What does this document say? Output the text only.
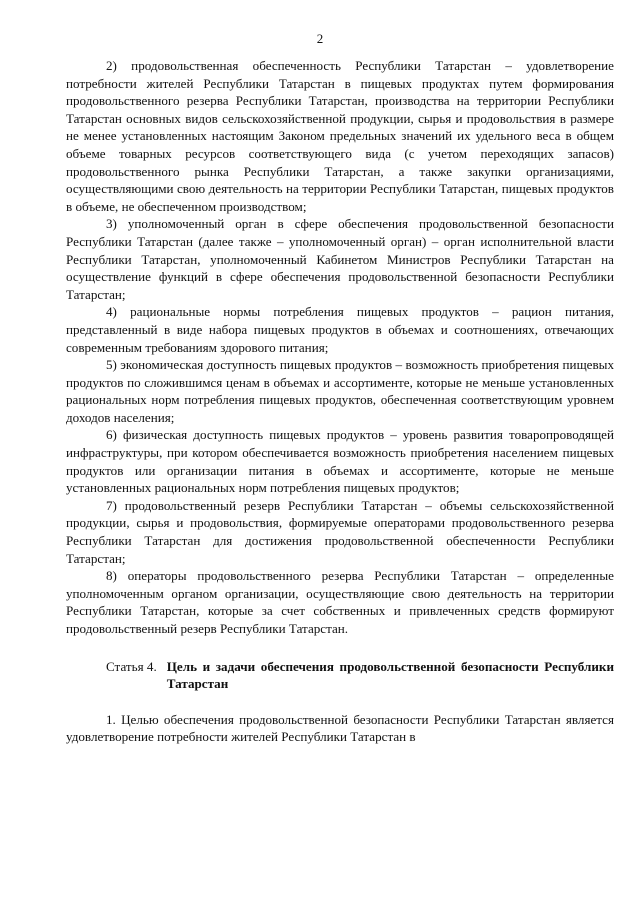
2

2) продовольственная обеспеченность Республики Татарстан – удовлетворение потребности жителей Республики Татарстан в пищевых продуктах путем формирования продовольственного резерва Республики Татарстан, производства на территории Республики Татарстан основных видов сельскохозяйственной продукции, сырья и продовольствия в размере не менее установленных настоящим Законом предельных значений их удельного веса в общем объеме товарных ресурсов соответствующего вида (с учетом переходящих запасов) продовольственного рынка Республики Татарстан, а также закупки организациями, осуществляющими свою деятельность на территории Республики Татарстан, пищевых продуктов в объеме, не обеспеченном производством;

3) уполномоченный орган в сфере обеспечения продовольственной безопасности Республики Татарстан (далее также – уполномоченный орган) – орган исполнительной власти Республики Татарстан, уполномоченный Кабинетом Министров Республики Татарстан на осуществление функций в сфере обеспечения продовольственной безопасности Республики Татарстан;

4) рациональные нормы потребления пищевых продуктов – рацион питания, представленный в виде набора пищевых продуктов в объемах и соотношениях, отвечающих современным требованиям здорового питания;

5) экономическая доступность пищевых продуктов – возможность приобретения пищевых продуктов по сложившимся ценам в объемах и ассортименте, которые не меньше установленных рациональных норм потребления пищевых продуктов, обеспеченная соответствующим уровнем доходов населения;

6) физическая доступность пищевых продуктов – уровень развития товаропроводящей инфраструктуры, при котором обеспечивается возможность приобретения населением пищевых продуктов или организации питания в объемах и ассортименте, которые не меньше установленных рациональных норм потребления пищевых продуктов;

7) продовольственный резерв Республики Татарстан – объемы сельскохозяйственной продукции, сырья и продовольствия, формируемые операторами продовольственного резерва Республики Татарстан для достижения продовольственной обеспеченности Республики Татарстан;

8) операторы продовольственного резерва Республики Татарстан – определенные уполномоченным органом организации, осуществляющие свою деятельность на территории Республики Татарстан, которые за счет собственных и привлеченных средств формируют продовольственный резерв Республики Татарстан.

Статья 4. Цель и задачи обеспечения продовольственной безопасности Республики Татарстан

1. Целью обеспечения продовольственной безопасности Республики Татарстан является удовлетворение потребности жителей Республики Татарстан в
